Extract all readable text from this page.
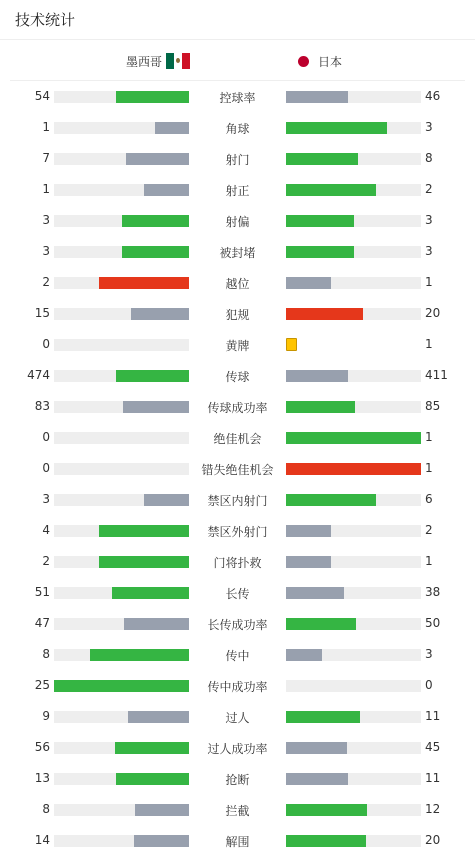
技术统计
墨西哥	日本
54	控球率	46
1	角球	3
7	射门	8
1	射正	2
3	射偏	3
3	被封堵	3
2	越位	1
15	犯规	20
0	黄牌	1
474	传球	411
83	传球成功率	85
0	绝佳机会	1
0	错失绝佳机会	1
3	禁区内射门	6
4	禁区外射门	2
2	门将扑救	1
51	长传	38
47	长传成功率	50
8	传中	3
25	传中成功率	0
9	过人	11
56	过人成功率	45
13	抢断	11
8	拦截	12
14	解围	20
